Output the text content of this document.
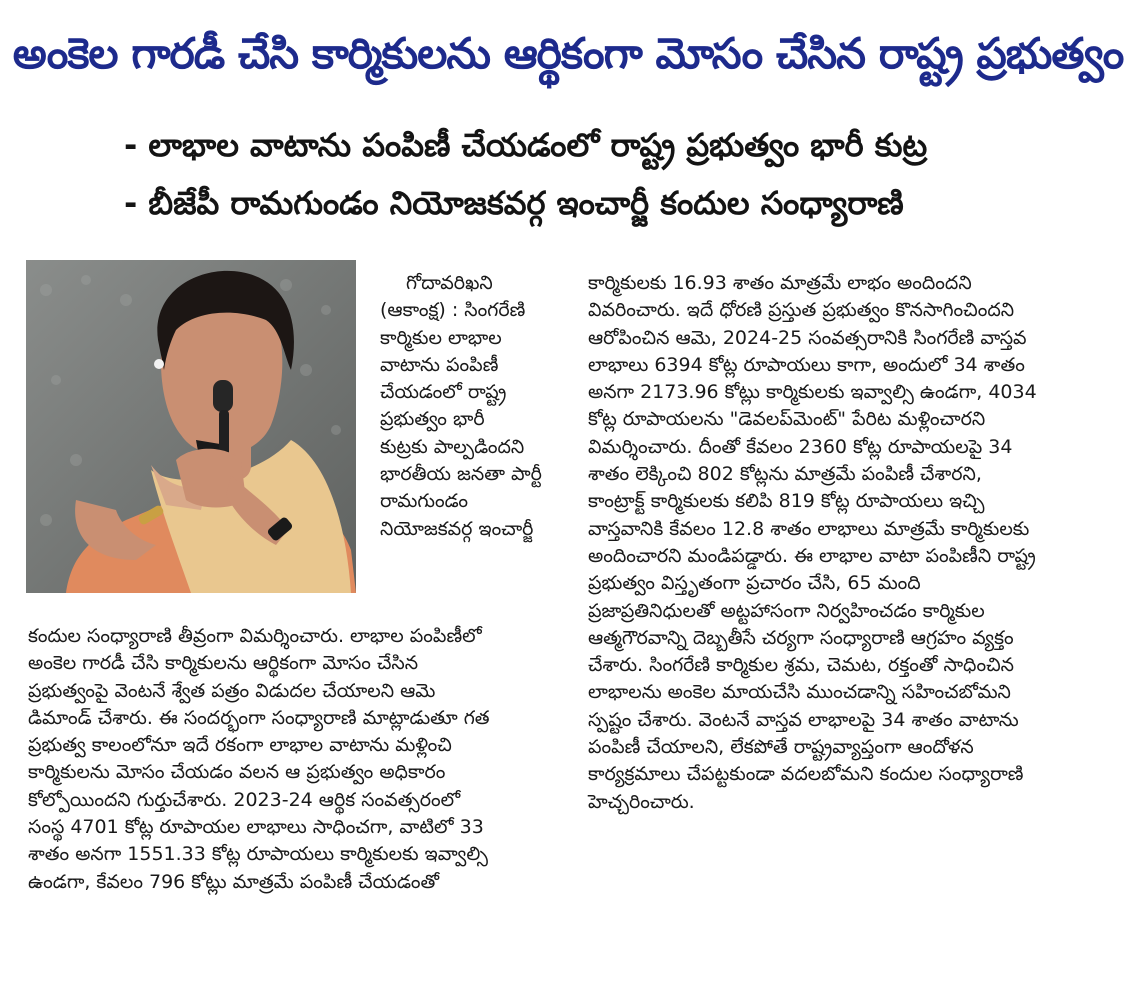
అంకెల గారడీ చేసి కార్మికులను ఆర్థికంగా మోసం చేసిన రాష్ట్ర ప్రభుత్వం
- లాభాల వాటాను పంపిణీ చేయడంలో రాష్ట్ర ప్రభుత్వం భారీ కుట్ర
- బీజేపీ రామగుండం నియోజకవర్గ ఇంచార్జీ కందుల సంధ్యారాణి
గోదావరిఖని
(ఆకాంక్ష) : సింగరేణి
కార్మికుల లాభాల
వాటాను పంపిణీ
చేయడంలో రాష్ట్ర
ప్రభుత్వం భారీ
కుట్రకు పాల్పడిందని
భారతీయ జనతా పార్టీ
రామగుండం
నియోజకవర్గ ఇంచార్జీ
కందుల సంధ్యారాణి తీవ్రంగా విమర్శించారు. లాభాల పంపిణీలో
అంకెల గారడీ చేసి కార్మికులను ఆర్థికంగా మోసం చేసిన
ప్రభుత్వంపై వెంటనే శ్వేత పత్రం విడుదల చేయాలని ఆమె
డిమాండ్ చేశారు. ఈ సందర్భంగా సంధ్యారాణి మాట్లాడుతూ గత
ప్రభుత్వ కాలంలోనూ ఇదే రకంగా లాభాల వాటాను మళ్లించి
కార్మికులను మోసం చేయడం వలన ఆ ప్రభుత్వం అధికారం
కోల్పోయిందని గుర్తుచేశారు. 2023-24 ఆర్థిక సంవత్సరంలో
సంస్థ 4701 కోట్ల రూపాయల లాభాలు సాధించగా, వాటిలో 33
శాతం అనగా 1551.33 కోట్ల రూపాయలు కార్మికులకు ఇవ్వాల్సి
ఉండగా, కేవలం 796 కోట్లు మాత్రమే పంపిణీ చేయడంతో
కార్మికులకు 16.93 శాతం మాత్రమే లాభం అందిందని
వివరించారు. ఇదే ధోరణి ప్రస్తుత ప్రభుత్వం కొనసాగించిందని
ఆరోపించిన ఆమె, 2024-25 సంవత్సరానికి సింగరేణి వాస్తవ
లాభాలు 6394 కోట్ల రూపాయలు కాగా, అందులో 34 శాతం
అనగా 2173.96 కోట్లు కార్మికులకు ఇవ్వాల్సి ఉండగా, 4034
కోట్ల రూపాయలను "డెవలప్‌మెంట్" పేరిట మళ్లించారని
విమర్శించారు. దీంతో కేవలం 2360 కోట్ల రూపాయలపై 34
శాతం లెక్కించి 802 కోట్లను మాత్రమే పంపిణీ చేశారని,
కాంట్రాక్ట్ కార్మికులకు కలిపి 819 కోట్ల రూపాయలు ఇచ్చి
వాస్తవానికి కేవలం 12.8 శాతం లాభాలు మాత్రమే కార్మికులకు
అందించారని మండిపడ్డారు. ఈ లాభాల వాటా పంపిణీని రాష్ట్ర
ప్రభుత్వం విస్తృతంగా ప్రచారం చేసి, 65 మంది
ప్రజాప్రతినిధులతో అట్టహాసంగా నిర్వహించడం కార్మికుల
ఆత్మగౌరవాన్ని దెబ్బతీసే చర్యగా సంధ్యారాణి ఆగ్రహం వ్యక్తం
చేశారు. సింగరేణి కార్మికుల శ్రమ, చెమట, రక్తంతో సాధించిన
లాభాలను అంకెల మాయచేసి ముంచడాన్ని సహించబోమని
స్పష్టం చేశారు. వెంటనే వాస్తవ లాభాలపై 34 శాతం వాటాను
పంపిణీ చేయాలని, లేకపోతే రాష్ట్రవ్యాప్తంగా ఆందోళన
కార్యక్రమాలు చేపట్టకుండా వదలబోమని కందుల సంధ్యారాణి
హెచ్చరించారు.
